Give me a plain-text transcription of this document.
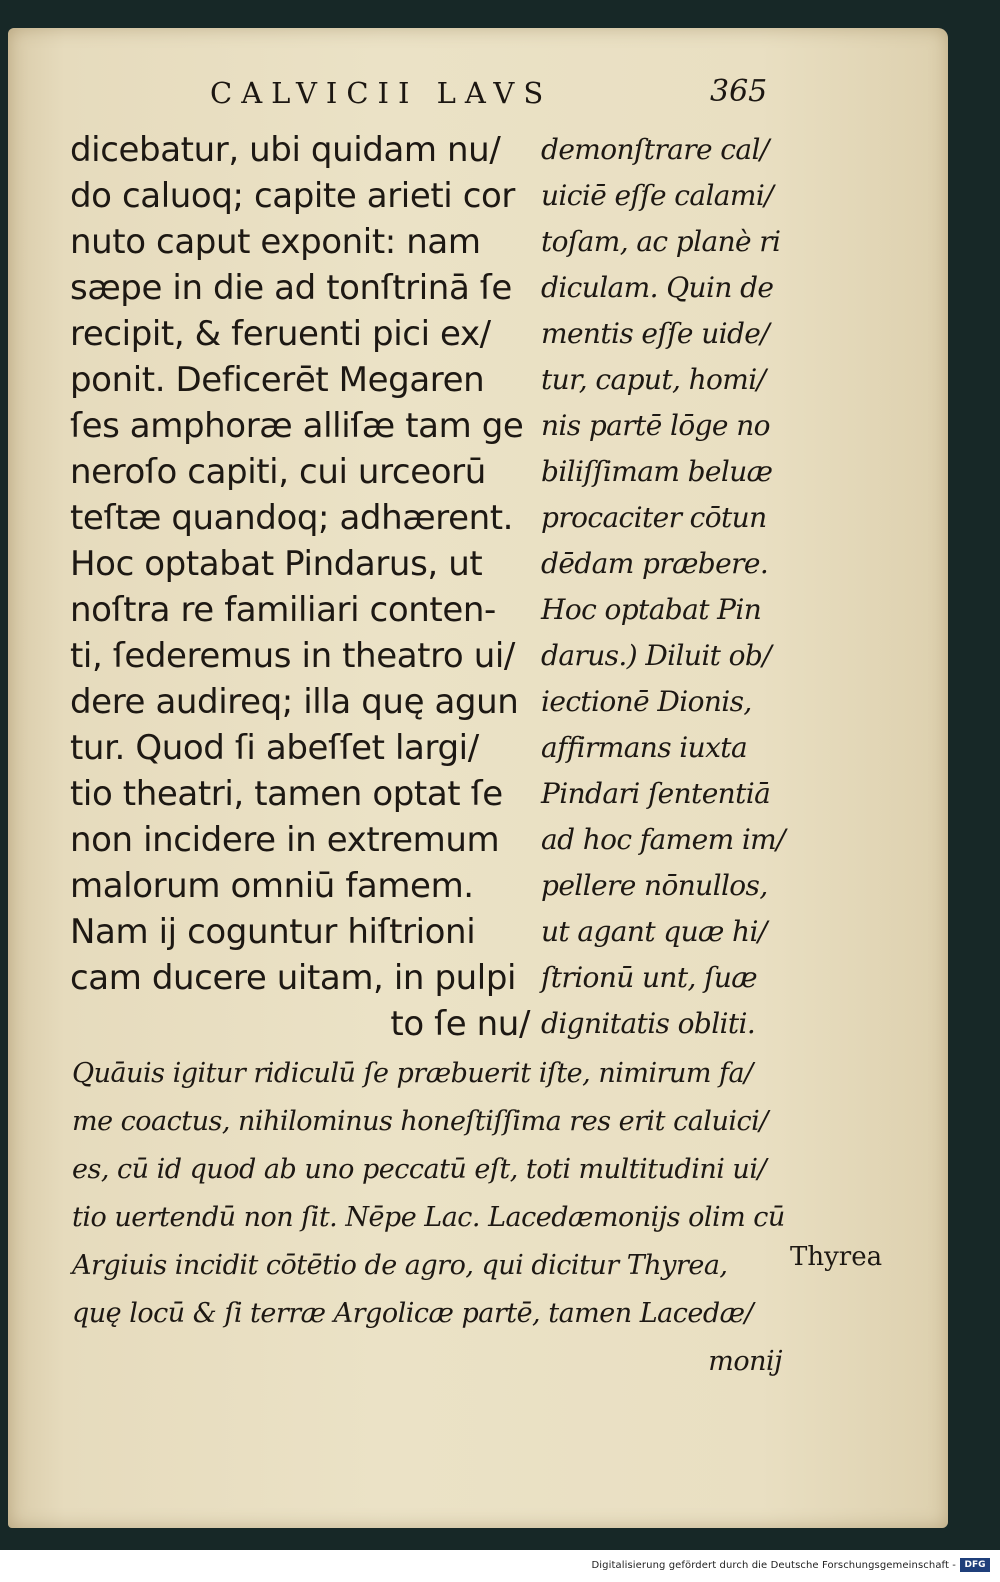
CALVICII LAVS	365
dicebatur, ubi quidam nu/
do caluoq; capite arieti cor
nuto caput exponit: nam
sæpe in die ad tonſtrinā ſe
recipit, & feruenti pici ex/
ponit. Deficerēt Megaren
ſes amphoræ alliſæ tam ge
neroſo capiti, cui urceorū
teſtæ quandoq; adhærent.
Hoc optabat Pindarus, ut
noſtra re familiari conten-
ti, ſederemus in theatro ui/
dere audireq; illa quę agun
tur. Quod ſi abeſſet largi/
tio theatri, tamen optat ſe
non incidere in extremum
malorum omniū famem.
Nam ij coguntur hiſtrioni
cam ducere uitam, in pulpi
to ſe nu/
demonſtrare cal/
uiciē eſſe calami/
toſam, ac planè ri
diculam. Quin de
mentis eſſe uide/
tur, caput, homi/
nis partē lōge no
biliſſimam beluæ
procaciter cōtun
dēdam præbere.
Hoc optabat Pin
darus.) Diluit ob/
iectionē Dionis,
affirmans iuxta
Pindari ſententiā
ad hoc famem im/
pellere nōnullos,
ut agant quæ hi/
ſtrionū unt, ſuæ
dignitatis obliti.
Quāuis igitur ridiculū ſe præbuerit iſte, nimirum fa/
me coactus, nihilominus honeſtiſſima res erit caluici/
es, cū id quod ab uno peccatū eſt, toti multitudini ui/
tio uertendū non ſit. Nēpe Lac. Lacedæmonijs olim cū
Argiuis incidit cōtētio de agro, qui dicitur Thyrea,
quę locū & ſi terræ Argolicæ partē, tamen Lacedæ/
monij
Thyrea
Digitalisierung gefördert durch die Deutsche Forschungsgemeinschaft - DFG
